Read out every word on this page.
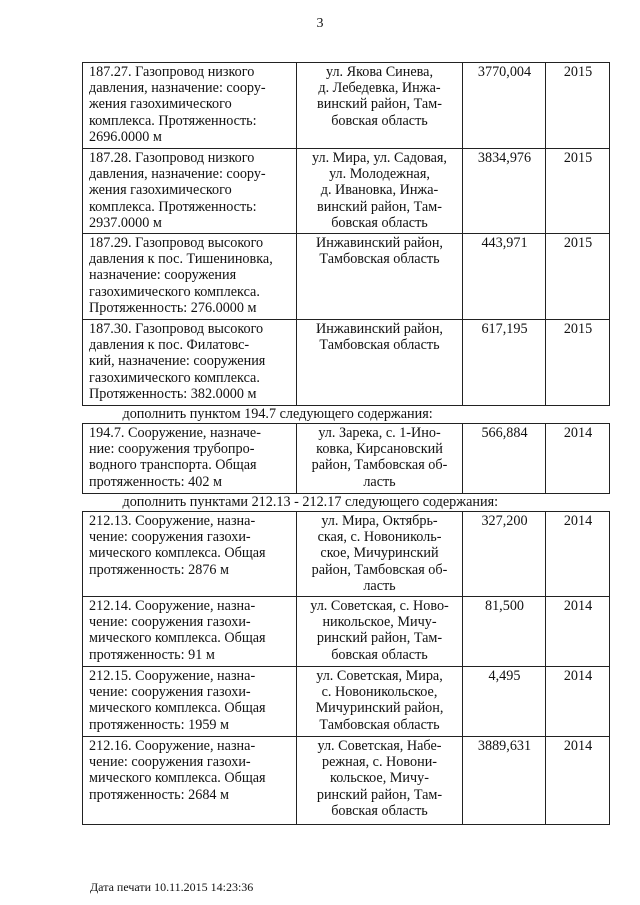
3
187.27. Газопровод низкого
давления, назначение: соору-
жения газохимического
комплекса. Протяженность:
2696.0000 м	ул. Якова Синева,
д. Лебедевка, Инжа-
винский район, Там-
бовская область	3770,004	2015

187.28. Газопровод низкого
давления, назначение: соору-
жения газохимического
комплекса. Протяженность:
2937.0000 м	ул. Мира, ул. Садовая,
ул. Молодежная,
д. Ивановка, Инжа-
винский район, Там-
бовская область	3834,976	2015

187.29. Газопровод высокого
давления к пос. Тишениновка,
назначение: сооружения
газохимического комплекса.
Протяженность: 276.0000 м	Инжавинский район,
Тамбовская область	443,971	2015

187.30. Газопровод высокого
давления к пос. Филатовс-
кий, назначение: сооружения
газохимического комплекса.
Протяженность: 382.0000 м	Инжавинский район,
Тамбовская область	617,195	2015

дополнить пунктом 194.7 следующего содержания:			

194.7. Сооружение, назначе-
ние: сооружения трубопро-
водного транспорта. Общая
протяженность: 402 м	ул. Зарека, с. 1-Ино-
ковка, Кирсановский
район, Тамбовская об-
ласть	566,884	2014

дополнить пунктами 212.13 - 212.17 следующего содержания:			

212.13. Сооружение, назна-
чение: сооружения газохи-
мического комплекса. Общая
протяженность: 2876 м	ул. Мира, Октябрь-
ская, с. Новониколь-
ское, Мичуринский
район, Тамбовская об-
ласть	327,200	2014

212.14. Сооружение, назна-
чение: сооружения газохи-
мического комплекса. Общая
протяженность: 91 м	ул. Советская, с. Ново-
никольское, Мичу-
ринский район, Там-
бовская область	81,500	2014

212.15. Сооружение, назна-
чение: сооружения газохи-
мического комплекса. Общая
протяженность: 1959 м	ул. Советская, Мира,
с. Новоникольское,
Мичуринский район,
Тамбовская область	4,495	2014

212.16. Сооружение, назна-
чение: сооружения газохи-
мического комплекса. Общая
протяженность: 2684 м	ул. Советская, Набе-
режная, с. Новони-
кольское, Мичу-
ринский район, Там-
бовская область	3889,631	2014
Дата печати 10.11.2015 14:23:36
